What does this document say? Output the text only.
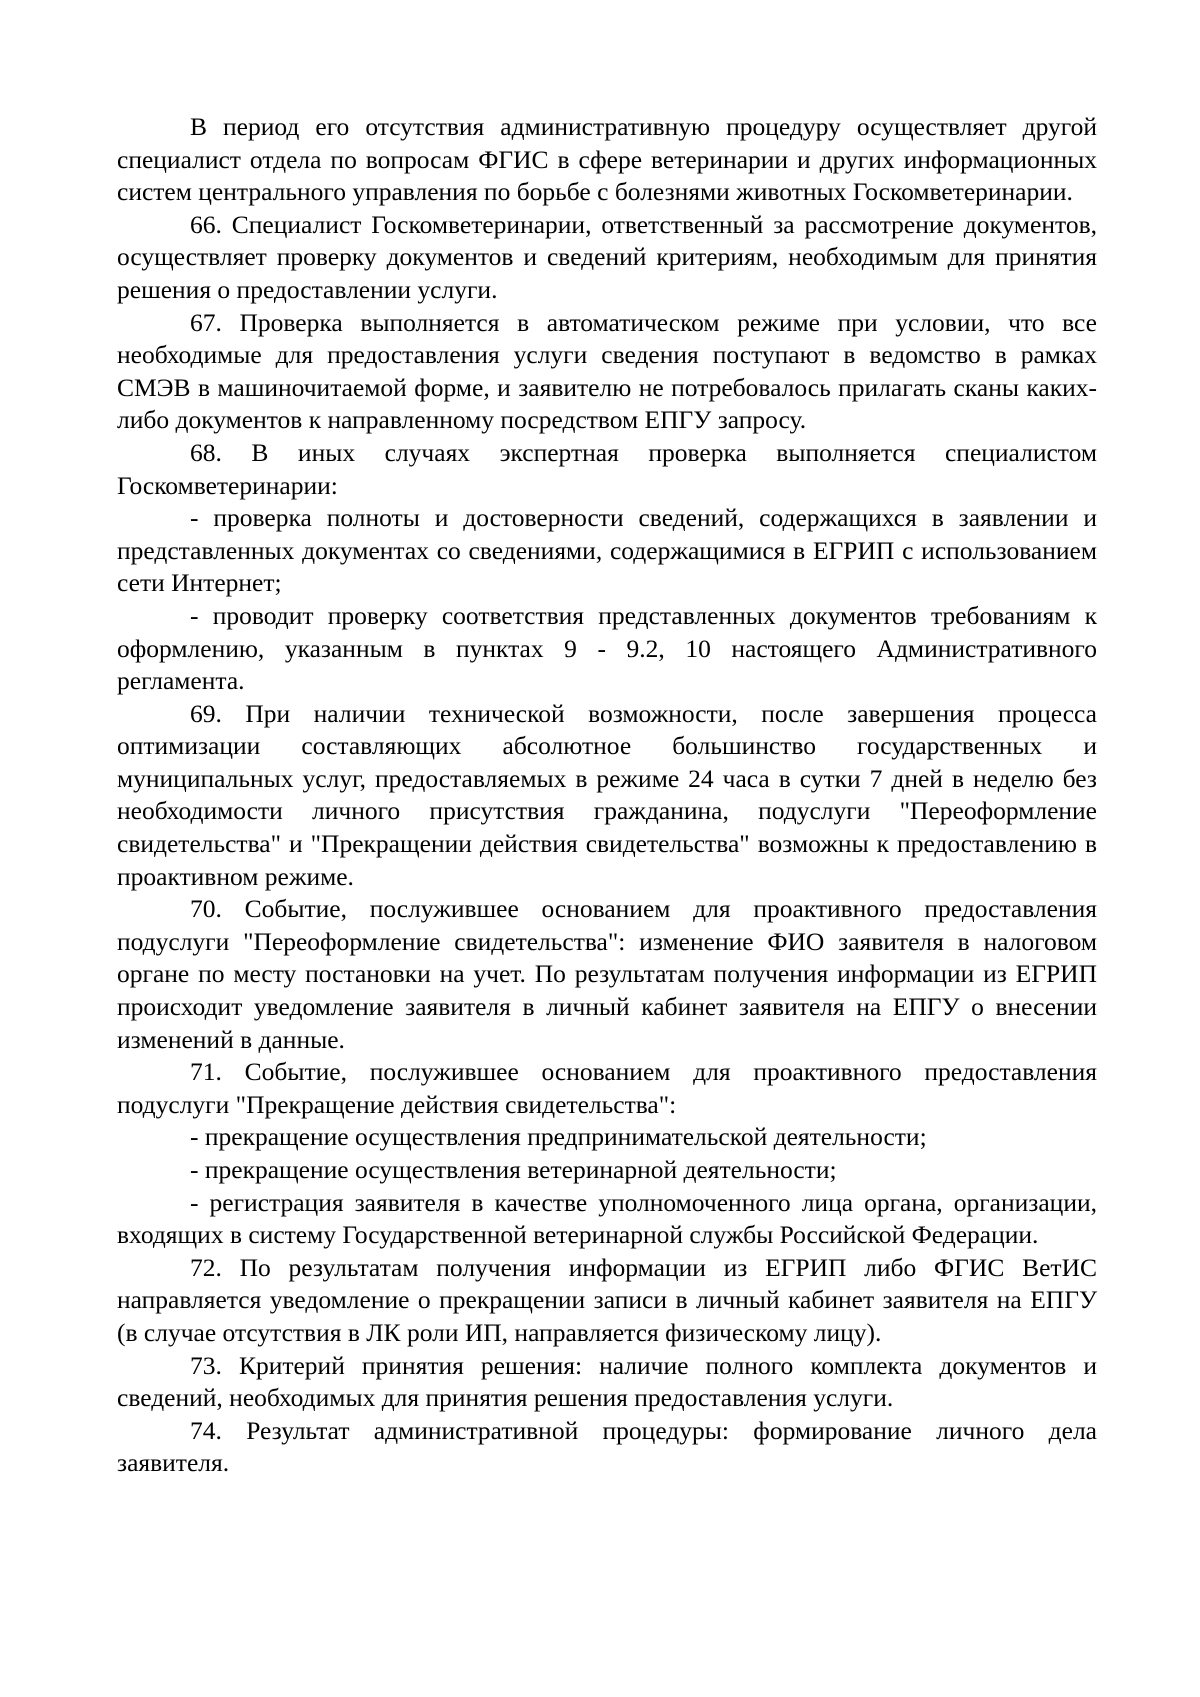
В период его отсутствия административную процедуру осуществляет другой специалист отдела по вопросам ФГИС в сфере ветеринарии и других информационных систем центрального управления по борьбе с болезнями животных Госкомветеринарии.

66. Специалист Госкомветеринарии, ответственный за рассмотрение документов, осуществляет проверку документов и сведений критериям, необходимым для принятия решения о предоставлении услуги.

67. Проверка выполняется в автоматическом режиме при условии, что все необходимые для предоставления услуги сведения поступают в ведомство в рамках СМЭВ в машиночитаемой форме, и заявителю не потребовалось прилагать сканы каких-либо документов к направленному посредством ЕПГУ запросу.

68. В иных случаях экспертная проверка выполняется специалистом Госкомветеринарии:

- проверка полноты и достоверности сведений, содержащихся в заявлении и представленных документах со сведениями, содержащимися в ЕГРИП с использованием сети Интернет;

- проводит проверку соответствия представленных документов требованиям к оформлению, указанным в пунктах 9 - 9.2, 10 настоящего Административного регламента.

69. При наличии технической возможности, после завершения процесса оптимизации составляющих абсолютное большинство государственных и муниципальных услуг, предоставляемых в режиме 24 часа в сутки 7 дней в неделю без необходимости личного присутствия гражданина, подуслуги "Переоформление свидетельства" и "Прекращении действия свидетельства" возможны к предоставлению в проактивном режиме.

70. Событие, послужившее основанием для проактивного предоставления подуслуги "Переоформление свидетельства": изменение ФИО заявителя в налоговом органе по месту постановки на учет. По результатам получения информации из ЕГРИП происходит уведомление заявителя в личный кабинет заявителя на ЕПГУ о внесении изменений в данные.

71. Событие, послужившее основанием для проактивного предоставления подуслуги "Прекращение действия свидетельства":

- прекращение осуществления предпринимательской деятельности;

- прекращение осуществления ветеринарной деятельности;

- регистрация заявителя в качестве уполномоченного лица органа, организации, входящих в систему Государственной ветеринарной службы Российской Федерации.

72. По результатам получения информации из ЕГРИП либо ФГИС ВетИС направляется уведомление о прекращении записи в личный кабинет заявителя на ЕПГУ (в случае отсутствия в ЛК роли ИП, направляется физическому лицу).

73. Критерий принятия решения: наличие полного комплекта документов и сведений, необходимых для принятия решения предоставления услуги.

74. Результат административной процедуры: формирование личного дела заявителя.
